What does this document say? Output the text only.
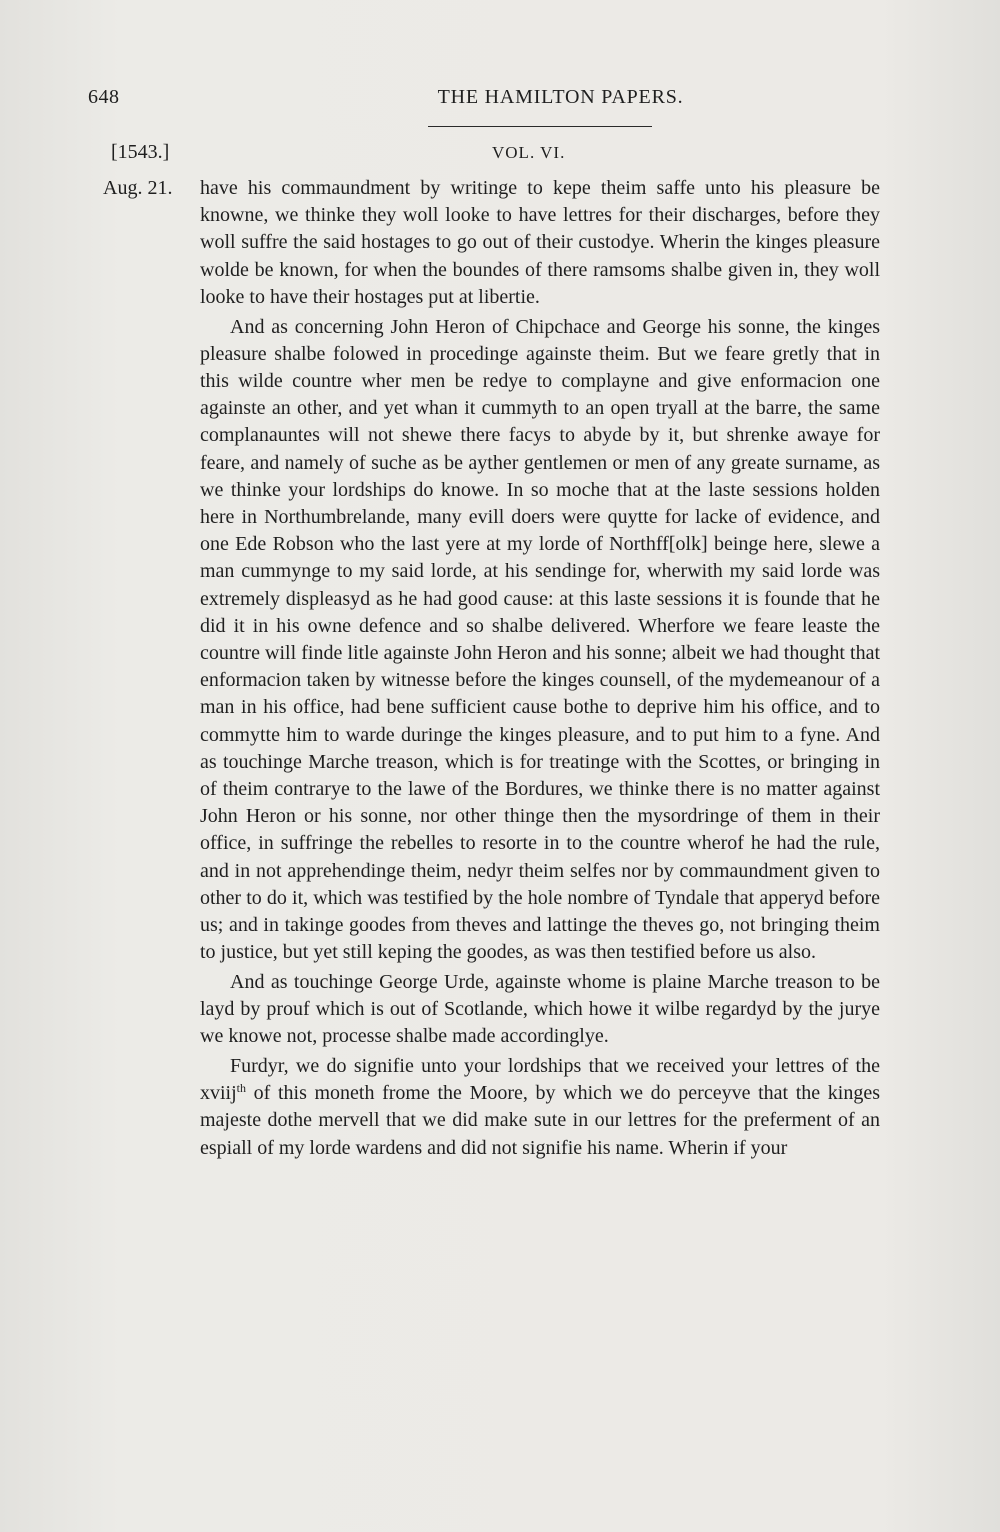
648	THE HAMILTON PAPERS.
[1543.]	VOL. VI.
Aug. 21. have his commaundment by writinge to kepe theim saffe unto his pleasure be knowne, we thinke they woll looke to have lettres for their discharges, before they woll suffre the said hostages to go out of their custodye. Wherin the kinges pleasure wolde be known, for when the boundes of there ramsoms shalbe given in, they woll looke to have their hostages put at libertie.

And as concerning John Heron of Chipchace and George his sonne, the kinges pleasure shalbe folowed in procedinge againste theim. But we feare gretly that in this wilde countre wher men be redye to complayne and give enformacion one againste an other, and yet whan it cummyth to an open tryall at the barre, the same complanauntes will not shewe there facys to abyde by it, but shrenke awaye for feare, and namely of suche as be ayther gentlemen or men of any greate surname, as we thinke your lordships do knowe. In so moche that at the laste sessions holden here in Northumbrelande, many evill doers were quytte for lacke of evidence, and one Ede Robson who the last yere at my lorde of Northff[olk] beinge here, slewe a man cummynge to my said lorde, at his sendinge for, wherwith my said lorde was extremely displeasyd as he had good cause: at this laste sessions it is founde that he did it in his owne defence and so shalbe delivered. Wherfore we feare leaste the countre will finde litle againste John Heron and his sonne; albeit we had thought that enformacion taken by witnesse before the kinges counsell, of the mydemeanour of a man in his office, had bene sufficient cause bothe to deprive him his office, and to commytte him to warde duringe the kinges pleasure, and to put him to a fyne. And as touchinge Marche treason, which is for treatinge with the Scottes, or bringing in of theim contrarye to the lawe of the Bordures, we thinke there is no matter against John Heron or his sonne, nor other thinge then the mysordringe of them in their office, in suffringe the rebelles to resorte in to the countre wherof he had the rule, and in not apprehendinge theim, nedyr theim selfes nor by commaundment given to other to do it, which was testified by the hole nombre of Tyndale that apperyd before us; and in takinge goodes from theves and lattinge the theves go, not bringing theim to justice, but yet still keping the goodes, as was then testified before us also.

And as touchinge George Urde, againste whome is plaine Marche treason to be layd by prouf which is out of Scotlande, which howe it wilbe regardyd by the jurye we knowe not, processe shalbe made accordinglye.

Furdyr, we do signifie unto your lordships that we received your lettres of the xviij$^{th}$ of this moneth frome the Moore, by which we do perceyve that the kinges majeste dothe mervell that we did make sute in our lettres for the preferment of an espiall of my lorde wardens and did not signifie his name. Wherin if your
